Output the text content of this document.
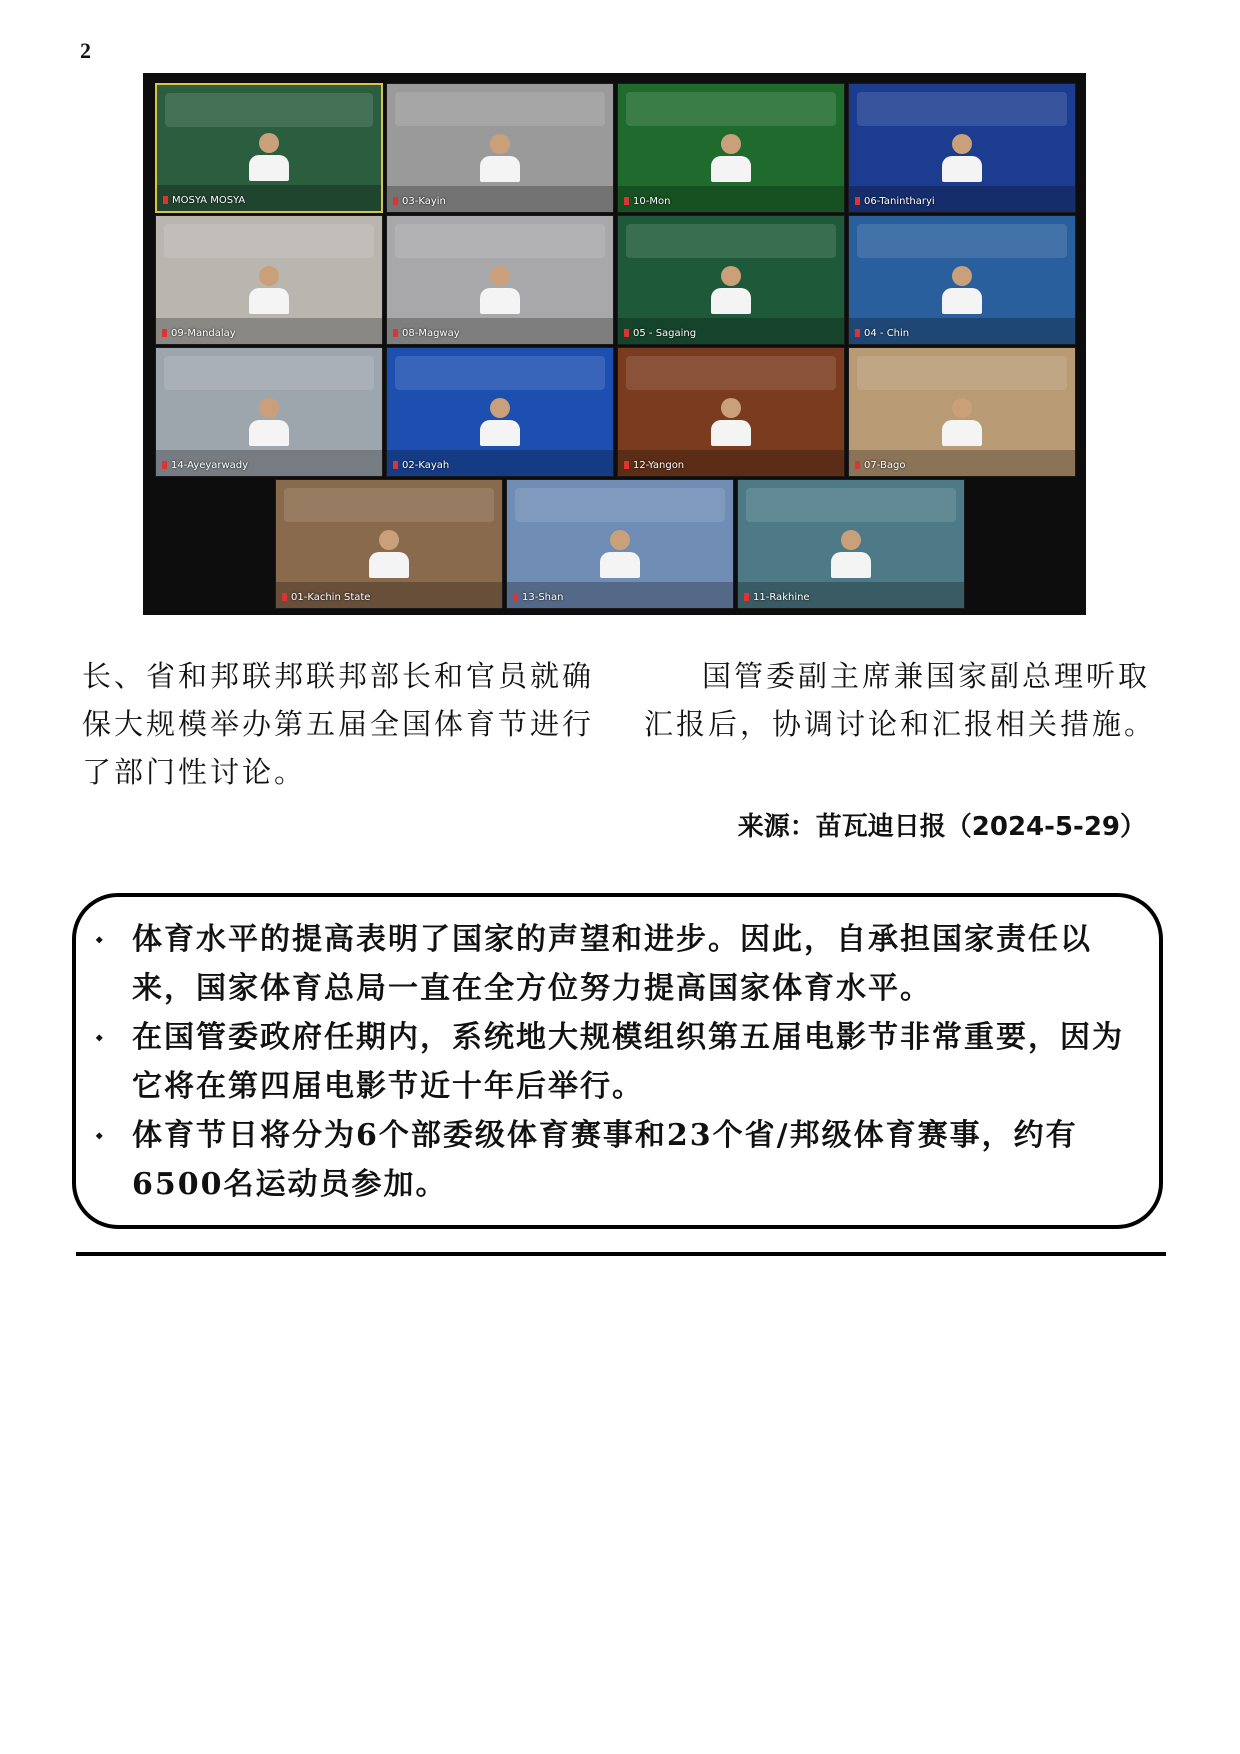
2
MOSYA MOSYA	03-Kayin	10-Mon	06-Tanintharyi
09-Mandalay	08-Magway	05 - Sagaing	04 - Chin
14-Ayeyarwady	02-Kayah	12-Yangon	07-Bago
01-Kachin State	13-Shan	11-Rakhine
长、省和邦联邦联邦部长和官员就确保大规模举办第五届全国体育节进行了部门性讨论。
国管委副主席兼国家副总理听取汇报后，协调讨论和汇报相关措施。
来源：苗瓦迪日报（2024-5-29）
⬩ 体育水平的提高表明了国家的声望和进步。因此，自承担国家责任以来，国家体育总局一直在全方位努力提高国家体育水平。
⬩ 在国管委政府任期内，系统地大规模组织第五届电影节非常重要，因为它将在第四届电影节近十年后举行。
⬩ 体育节日将分为6个部委级体育赛事和23个省/邦级体育赛事，约有6500名运动员参加。
